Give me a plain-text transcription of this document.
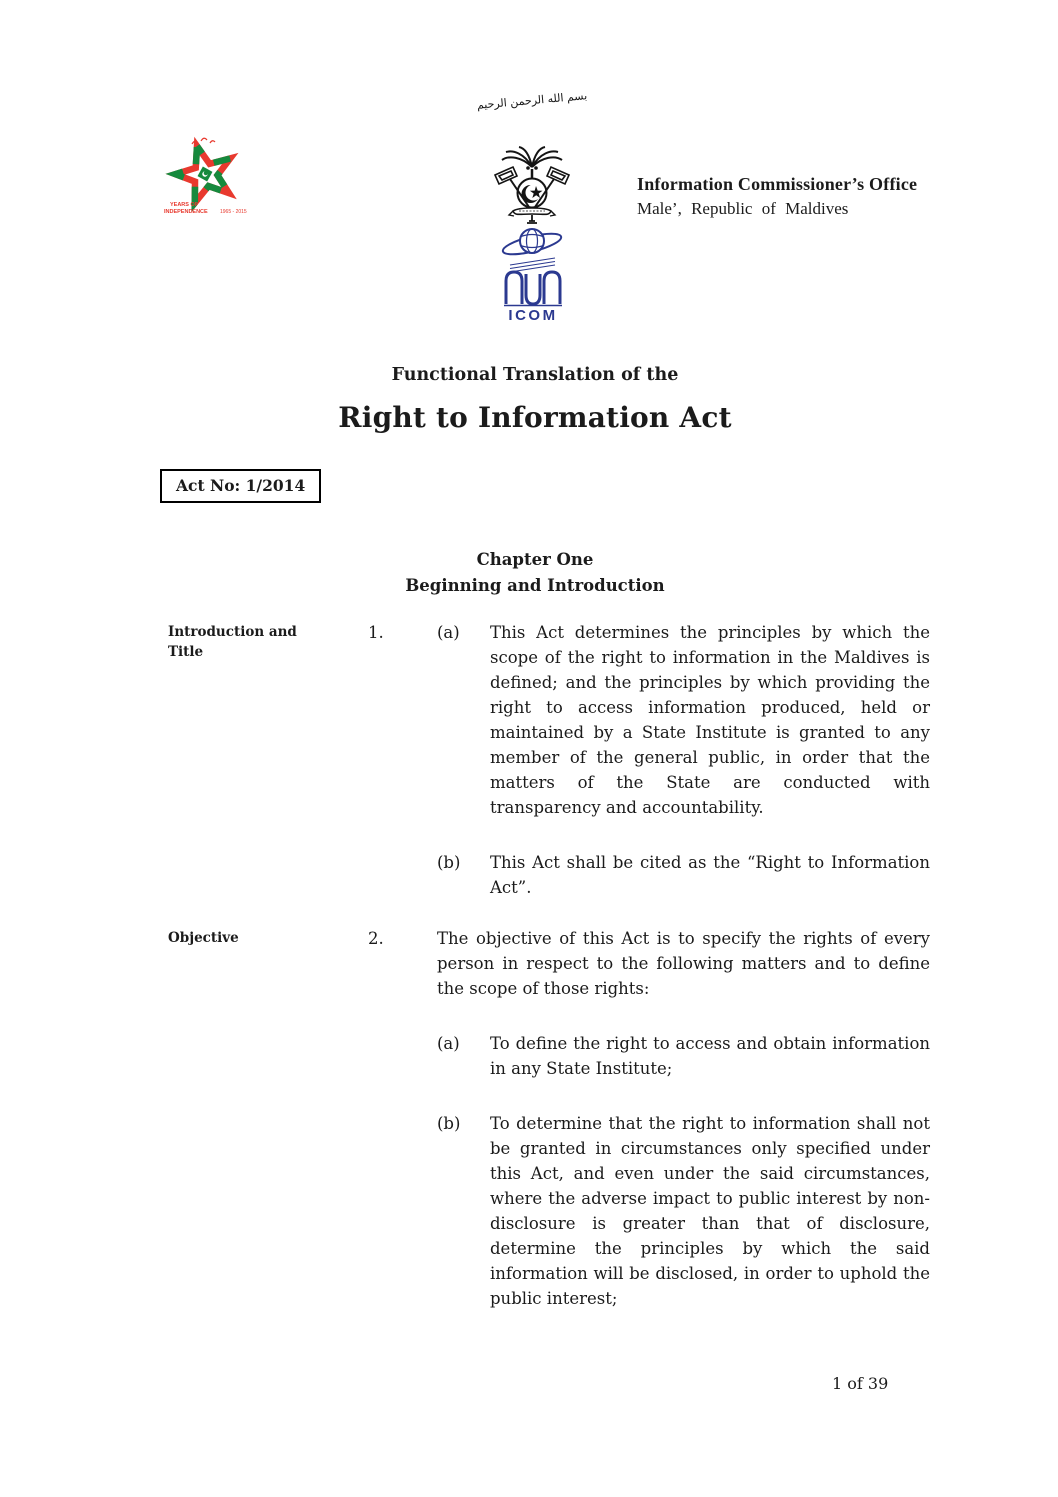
بسم الله الرحمن الرحيم
YEARS OF
INDEPENDENCE 1965 - 2015
Information Commissioner’s Office
Male’, Republic of Maldives
ICOM
Functional Translation of the
Right to Information Act
Act No: 1/2014
Chapter One
Beginning and Introduction
Introduction and Title
1.	(a)	This Act determines the principles by which the scope of the right to information in the Maldives is defined; and the principles by which providing the right to access information produced, held or maintained by a State Institute is granted to any member of the general public, in order that the matters of the State are conducted with transparency and accountability.
(b)	This Act shall be cited as the “Right to Information Act”.
Objective	2.	The objective of this Act is to specify the rights of every person in respect to the following matters and to define the scope of those rights:
(a)	To define the right to access and obtain information in any State Institute;
(b)	To determine that the right to information shall not be granted in circumstances only specified under this Act, and even under the said circumstances, where the adverse impact to public interest by non-disclosure is greater than that of disclosure, determine the principles by which the said information will be disclosed, in order to uphold the public interest;
1 of 39
